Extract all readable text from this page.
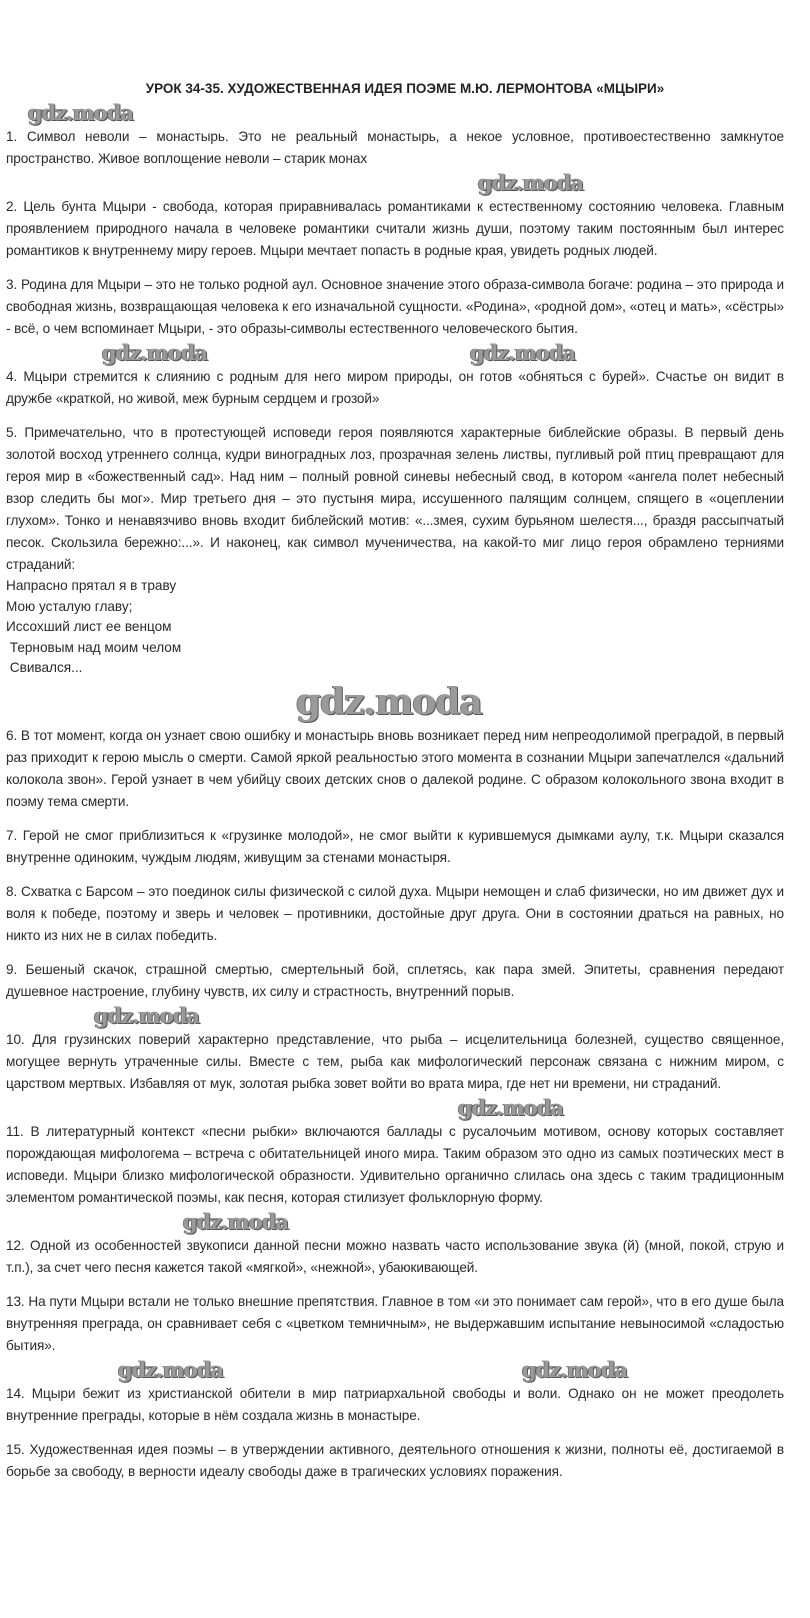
УРОК 34-35. ХУДОЖЕСТВЕННАЯ ИДЕЯ ПОЭМЕ М.Ю. ЛЕРМОНТОВА «МЦЫРИ»
gdz.moda

1. Символ неволи – монастырь. Это не реальный монастырь, а некое условное, противоестественно замкнутое пространство. Живое воплощение неволи – старик монах

gdz.moda

2. Цель бунта Мцыри - свобода, которая приравнивалась романтиками к естественному состоянию человека. Главным проявлением природного начала в человеке романтики считали жизнь души, поэтому таким постоянным был интерес романтиков к внутреннему миру героев. Мцыри мечтает попасть в родные края, увидеть родных людей.

3. Родина для Мцыри – это не только родной аул. Основное значение этого образа-символа богаче: родина – это природа и свободная жизнь, возвращающая человека к его изначальной сущности. «Родина», «родной дом», «отец и мать», «сёстры» - всё, о чем вспоминает Мцыри, - это образы-символы естественного человеческого бытия.

gdz.moda	gdz.moda

4. Мцыри стремится к слиянию с родным для него миром природы, он готов «обняться с бурей». Счастье он видит в дружбе «краткой, но живой, меж бурным сердцем и грозой»

5. Примечательно, что в протестующей исповеди героя появляются характерные библейские образы. В первый день золотой восход утреннего солнца, кудри виноградных лоз, прозрачная зелень листвы, пугливый рой птиц превращают для героя мир в «божественный сад». Над ним – полный ровной синевы небесный свод, в котором «ангела полет небесный взор следить бы мог». Мир третьего дня – это пустыня мира, иссушенного палящим солнцем, спящего в «оцеплении глухом». Тонко и ненавязчиво вновь входит библейский мотив: «...змея, сухим бурьяном шелестя..., браздя рассыпчатый песок. Скользила бережно:...». И наконец, как символ мученичества, на какой-то миг лицо героя обрамлено терниями страданий:

Напрасно прятал я в траву
Мою усталую главу;
Иссохший лист ее венцом
Терновым над моим челом
Свивался...
gdz.moda

6. В тот момент, когда он узнает свою ошибку и монастырь вновь возникает перед ним непреодолимой преградой, в первый раз приходит к герою мысль о смерти. Самой яркой реальностью этого момента в сознании Мцыри запечатлелся «дальний колокола звон». Герой узнает в чем убийцу своих детских снов о далекой родине. С образом колокольного звона входит в поэму тема смерти.

7. Герой не смог приблизиться к «грузинке молодой», не смог выйти к курившемуся дымками аулу, т.к. Мцыри сказался внутренне одиноким, чуждым людям, живущим за стенами монастыря.

8. Схватка с Барсом – это поединок силы физической с силой духа. Мцыри немощен и слаб физически, но им движет дух и воля к победе, поэтому и зверь и человек – противники, достойные друг друга. Они в состоянии драться на равных, но никто из них не в силах победить.

9. Бешеный скачок, страшной смертью, смертельный бой, сплетясь, как пара змей. Эпитеты, сравнения передают душевное настроение, глубину чувств, их силу и страстность, внутренний порыв.

gdz.moda

10. Для грузинских поверий характерно представление, что рыба – исцелительница болезней, существо священное, могущее вернуть утраченные силы. Вместе с тем, рыба как мифологический персонаж связана с нижним миром, с царством мертвых. Избавляя от мук, золотая рыбка зовет войти во врата мира, где нет ни времени, ни страданий.

gdz.moda

11. В литературный контекст «песни рыбки» включаются баллады с русалочьим мотивом, основу которых составляет порождающая мифологема – встреча с обитательницей иного мира. Таким образом это одно из самых поэтических мест в исповеди. Мцыри близко мифологической образности. Удивительно органично слилась она здесь с таким традиционным элементом романтической поэмы, как песня, которая стилизует фольклорную форму.

gdz.moda

12. Одной из особенностей звукописи данной песни можно назвать часто использование звука (й) (мной, покой, струю и т.п.), за счет чего песня кажется такой «мягкой», «нежной», убаюкивающей.

13. На пути Мцыри встали не только внешние препятствия. Главное в том «и это понимает сам герой», что в его душе была внутренняя преграда, он сравнивает себя с «цветком темничным», не выдержавшим испытание невыносимой «сладостью бытия».

gdz.moda	gdz.moda

14. Мцыри бежит из христианской обители в мир патриархальной свободы и воли. Однако он не может преодолеть внутренние преграды, которые в нём создала жизнь в монастыре.

15. Художественная идея поэмы – в утверждении активного, деятельного отношения к жизни, полноты её, достигаемой в борьбе за свободу, в верности идеалу свободы даже в трагических условиях поражения.
